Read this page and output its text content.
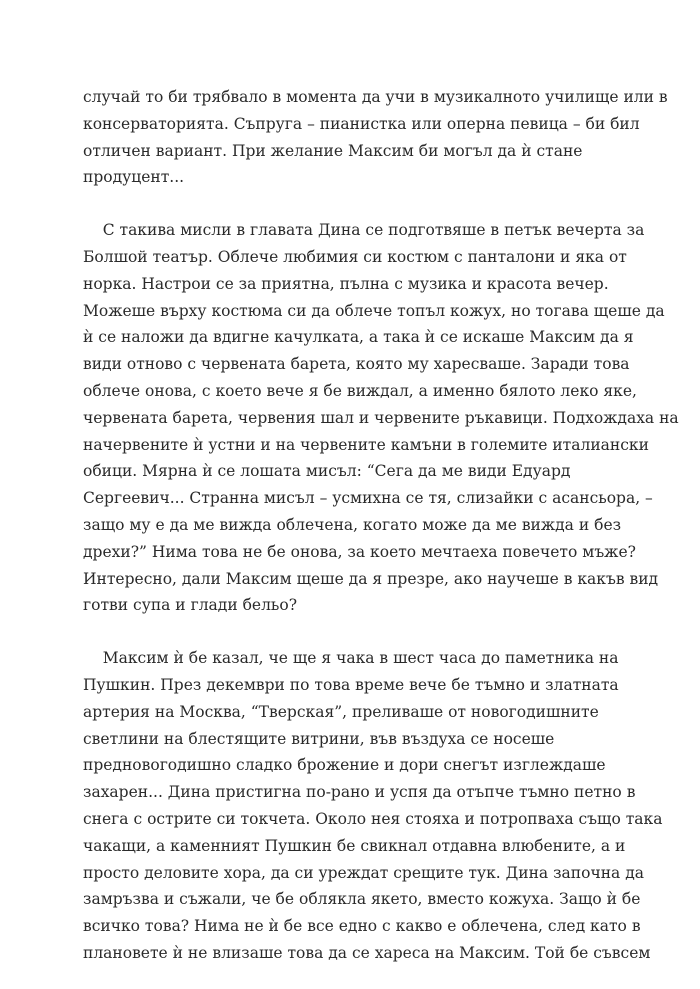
случай то би трябвало в момента да учи в музикалното училище или в
консерваторията. Съпруга – пианистка или оперна певица – би бил
отличен вариант. При желание Максим би могъл да ѝ стане
продуцент...
С такива мисли в главата Дина се подготвяше в петък вечерта за
Болшой театър. Облече любимия си костюм с панталони и яка от
норка. Настрои се за приятна, пълна с музика и красота вечер.
Можеше върху костюма си да облече топъл кожух, но тогава щеше да
ѝ се наложи да вдигне качулката, а така ѝ се искаше Максим да я
види отново с червената барета, която му харесваше. Заради това
облече онова, с което вече я бе виждал, а именно бялото леко яке,
червената барета, червения шал и червените ръкавици. Подхождаха на
начервените ѝ устни и на червените камъни в големите италиански
обици. Мярна ѝ се лошата мисъл: “Сега да ме види Едуард
Сергеевич... Странна мисъл – усмихна се тя, слизайки с асансьора, –
защо му е да ме вижда облечена, когато може да ме вижда и без
дрехи?” Нима това не бе онова, за което мечтаеха повечето мъже?
Интересно, дали Максим щеше да я презре, ако научеше в какъв вид
готви супа и глади бельо?
Максим ѝ бе казал, че ще я чака в шест часа до паметника на
Пушкин. През декември по това време вече бе тъмно и златната
артерия на Москва, “Тверская”, преливаше от новогодишните
светлини на блестящите витрини, във въздуха се носеше
предновогодишно сладко брожение и дори снегът изглеждаше
захарен... Дина пристигна по-рано и успя да отъпче тъмно петно в
снега с острите си токчета. Около нея стояха и потропваха също така
чакащи, а каменният Пушкин бе свикнал отдавна влюбените, а и
просто деловите хора, да си уреждат срещите тук. Дина започна да
замръзва и съжали, че бе облякла якето, вместо кожуха. Защо ѝ бе
всичко това? Нима не ѝ бе все едно с какво е облечена, след като в
плановете ѝ не влизаше това да се хареса на Максим. Той бе съвсем
